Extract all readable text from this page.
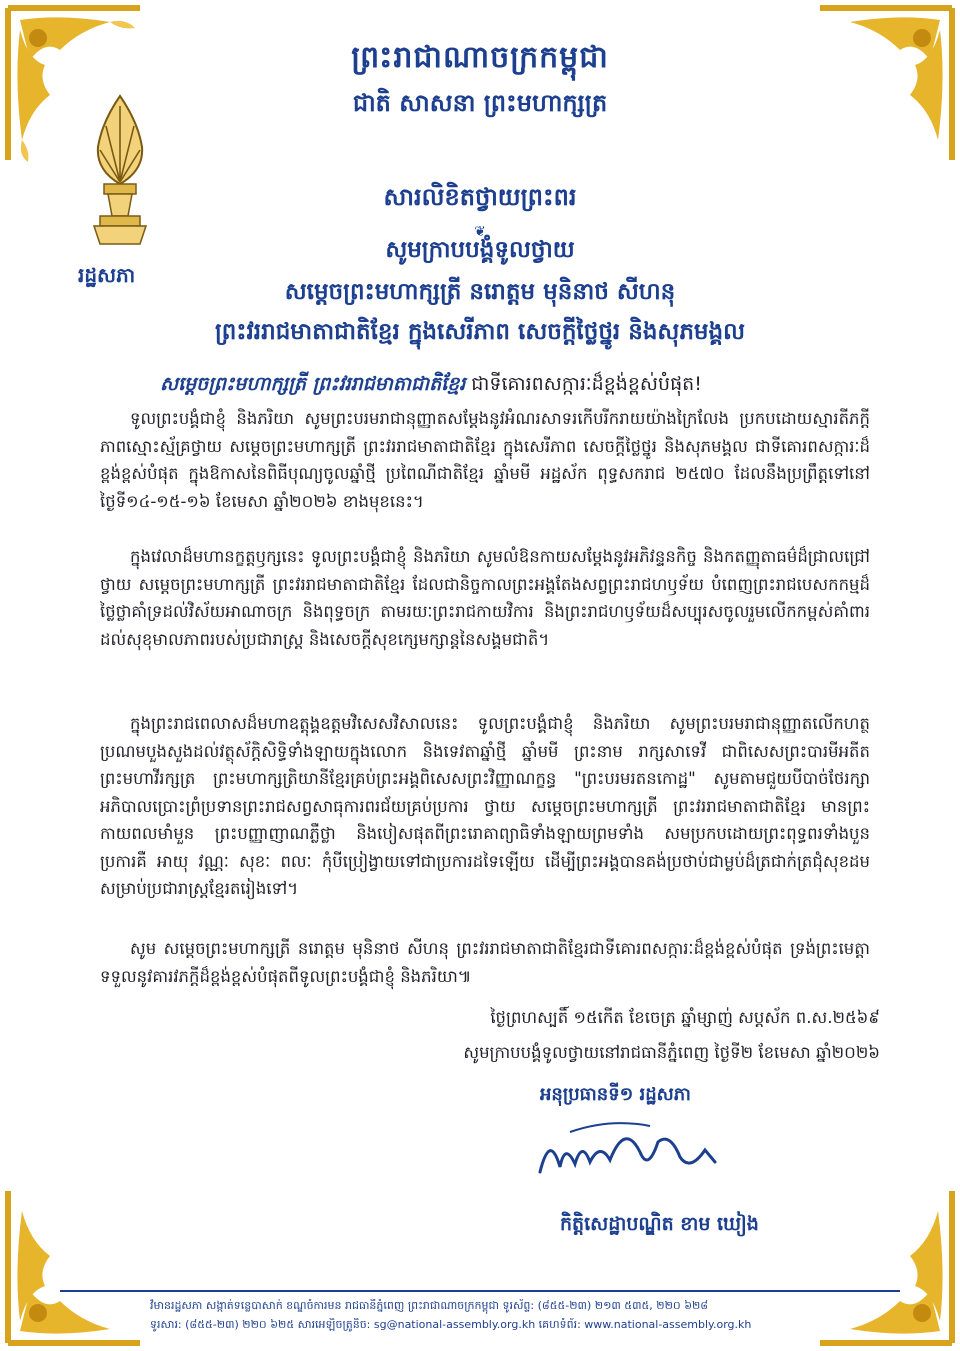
រដ្ឋសភា
ព្រះរាជាណាចក្រកម្ពុជា
ជាតិ សាសនា ព្រះមហាក្សត្រ
សារលិខិតថ្វាយព្រះពរ
❦
សូមក្រាបបង្គំទូលថ្វាយ
សម្ដេចព្រះមហាក្សត្រី នរោត្តម មុនិនាថ សីហនុ
ព្រះវររាជមាតាជាតិខ្មែរ ក្នុងសេរីភាព សេចក្ដីថ្លៃថ្នូរ និងសុភមង្គល
សម្ដេចព្រះមហាក្សត្រី ព្រះវររាជមាតាជាតិខ្មែរ ជាទីគោរពសក្ការៈដ៏ខ្ពង់ខ្ពស់បំផុត!
ទូលព្រះបង្គំជាខ្ញុំ និងភរិយា សូមព្រះបរមរាជានុញ្ញាតសម្ដែងនូវអំណរសាទរកើបរីករាយយ៉ាងក្រៃលែង ប្រកបដោយស្មារតីភក្ដីភាពស្មោះស្ម័គ្រថ្វាយ សម្ដេចព្រះមហាក្សត្រី ព្រះវររាជមាតាជាតិខ្មែរ ក្នុងសេរីភាព សេចក្ដីថ្លៃថ្នូរ និងសុភមង្គល ជាទីគោរពសក្ការៈដ៏ខ្ពង់ខ្ពស់បំផុត ក្នុងឱកាសនៃពិធីបុណ្យចូលឆ្នាំថ្មី ប្រពៃណីជាតិខ្មែរ ឆ្នាំមមី អដ្ឋស័ក ពុទ្ធសករាជ ២៥៧០ ដែលនឹងប្រព្រឹត្តទៅនៅថ្ងៃទី១៤-១៥-១៦ ខែមេសា ឆ្នាំ២០២៦ ខាងមុខនេះ។
ក្នុងវេលាដ៏មហានក្ខត្តឫក្សនេះ ទូលព្រះបង្គំជាខ្ញុំ និងភរិយា សូមលំឱនកាយសម្ដែងនូវអភិវន្ទនកិច្ច និងកតញ្ញុតាធម៌ដ៏ជ្រាលជ្រៅថ្វាយ សម្ដេចព្រះមហាក្សត្រី ព្រះវររាជមាតាជាតិខ្មែរ ដែលជានិច្ចកាលព្រះអង្គតែងសព្វព្រះរាជហឫទ័យ បំពេញព្រះរាជបេសកកម្មដ៏ថ្លៃថ្លាគាំទ្រដល់វិស័យអាណាចក្រ និងពុទ្ធចក្រ តាមរយៈព្រះរាជកាយវិការ និងព្រះរាជហឫទ័យដ៏សប្បុរសចូលរួមលើកកម្ពស់គាំពារដល់សុខុមាលភាពរបស់ប្រជារាស្ត្រ និងសេចក្ដីសុខក្សេមក្សាន្តនៃសង្គមជាតិ។
ក្នុងព្រះរាជពេលាសដ៏មហាឧត្ដុង្គឧត្ដមវិសេសវិសាលនេះ ទូលព្រះបង្គំជាខ្ញុំ និងភរិយា សូមព្រះបរមរាជានុញ្ញាតលើកហត្ថប្រណមបួងសួងដល់វត្ថុស័ក្ដិសិទ្ធិទាំងឡាយក្នុងលោក និងទេវតាឆ្នាំថ្មី ឆ្នាំមមី ព្រះនាម រាក្សសាទេវី ជាពិសេសព្រះបារមីអតីតព្រះមហាវីរក្សត្រ ព្រះមហាក្សត្រិយានីខ្មែរគ្រប់ព្រះអង្គពិសេសព្រះវិញ្ញាណក្ខន្ធ "ព្រះបរមរតនកោដ្ឋ" សូមតាមជួយបីបាច់ថែរក្សាអភិបាលប្រោះព្រំប្រទានព្រះរាជសព្វសាធុការពរជ័យគ្រប់ប្រការ ថ្វាយ សម្ដេចព្រះមហាក្សត្រី ព្រះវររាជមាតាជាតិខ្មែរ មានព្រះកាយពលមាំមួន ព្រះបញ្ញាញាណភ្លឺថ្លា និងបៀសផុតពីព្រះរោគាព្យាធិទាំងឡាយព្រមទាំង សមប្រកបដោយព្រះពុទ្ធពរទាំងបួនប្រការគឺ អាយុ វណ្ណៈ សុខៈ ពលៈ កុំបីប្រៀង្វាយទៅជាប្រការដទៃឡើយ ដើម្បីព្រះអង្គបានគង់ប្រថាប់ជាម្លប់ដ៏ត្រជាក់ត្រជុំសុខដមសម្រាប់ប្រជារាស្ត្រខ្មែរតរៀងទៅ។
សូម សម្ដេចព្រះមហាក្សត្រី នរោត្តម មុនិនាថ សីហនុ ព្រះវររាជមាតាជាតិខ្មែរជាទីគោរពសក្ការៈដ៏ខ្ពង់ខ្ពស់បំផុត ទ្រង់ព្រះមេត្តាទទួលនូវគារវភក្ដីដ៏ខ្ពង់ខ្ពស់បំផុតពីទូលព្រះបង្គំជាខ្ញុំ និងភរិយា៕
ថ្ងៃព្រហស្បតិ៍ ១៥កើត ខែចេត្រ ឆ្នាំម្សាញ់ សប្តស័ក ព.ស.២៥៦៩
សូមក្រាបបង្គំទូលថ្វាយនៅរាជធានីភ្នំពេញ ថ្ងៃទី២ ខែមេសា ឆ្នាំ២០២៦
អនុប្រធានទី១ រដ្ឋសភា
កិត្តិសេដ្ឋាបណ្ឌិត ខាម ឃៀង
វិមានរដ្ឋសភា សង្កាត់ទន្លេបាសាក់ ខណ្ឌចំការមន រាជធានីភ្នំពេញ ព្រះរាជាណាចក្រកម្ពុជា ទូរស័ព្ទ: (៨៥៥-២៣) ២១៣ ៥៣៥, ២២០ ៦២៨
ទូរសារ: (៨៥៥-២៣) ២២០ ៦២៥ សារអេឡិចត្រូនិច: sg@national-assembly.org.kh គេហទំព័រ: www.national-assembly.org.kh
